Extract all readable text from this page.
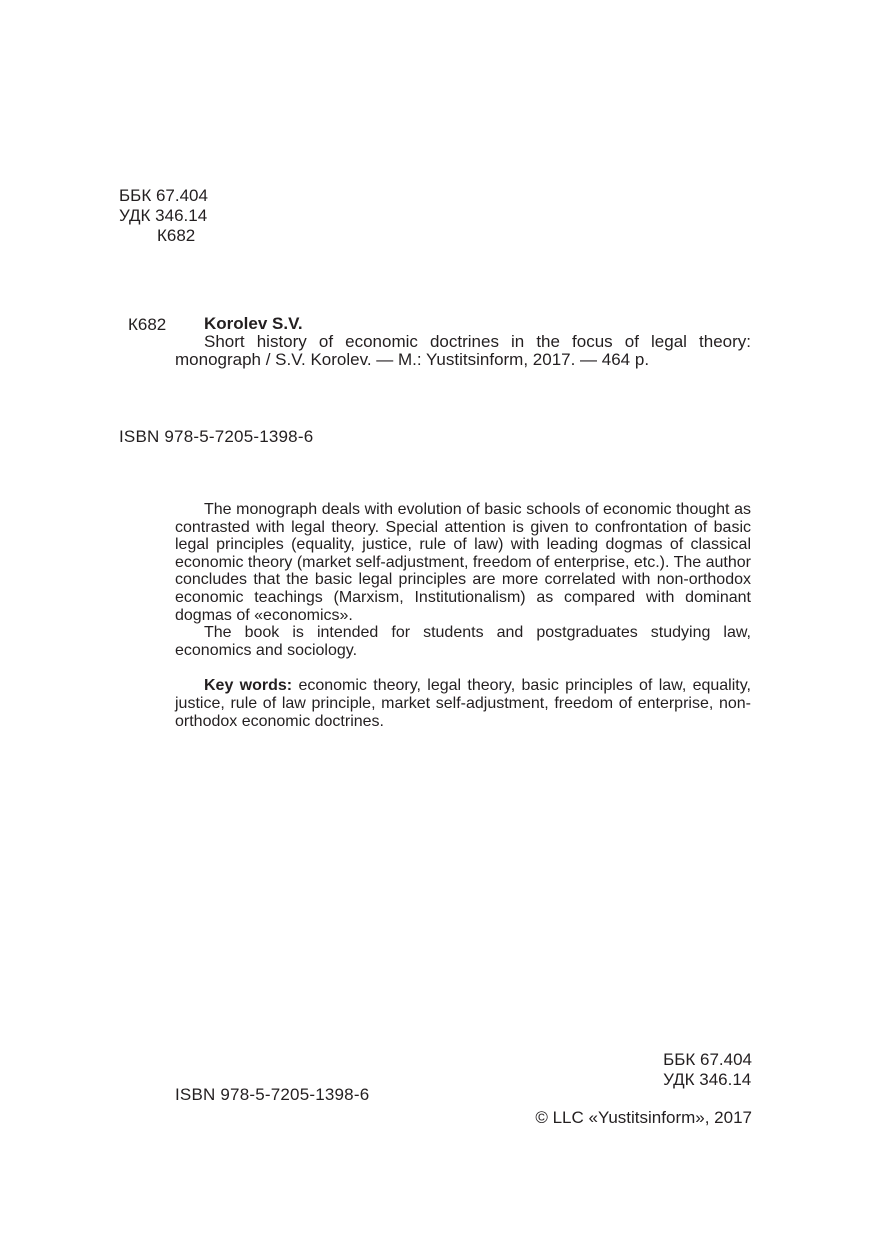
ББК 67.404
УДК 346.14
К682
К682	Korolev S.V.
Short history of economic doctrines in the focus of legal theory: monograph / S.V. Korolev. — M.: Yustitsinform, 2017. — 464 p.
ISBN 978-5-7205-1398-6

The monograph deals with evolution of basic schools of economic thought as contrasted with legal theory. Special attention is given to confrontation of basic legal principles (equality, justice, rule of law) with leading dogmas of classical economic theory (market self-adjustment, freedom of enterprise, etc.). The author concludes that the basic legal principles are more correlated with non-orthodox economic teachings (Marxism, Institutionalism) as compared with dominant dogmas of «economics».

The book is intended for students and postgraduates studying law, economics and sociology.

Key words: economic theory, legal theory, basic principles of law, equality, justice, rule of law principle, market self-adjustment, freedom of enterprise, non-orthodox economic doctrines.

ББК 67.404
УДК 346.14
ISBN 978-5-7205-1398-6
© LLC «Yustitsinform», 2017
